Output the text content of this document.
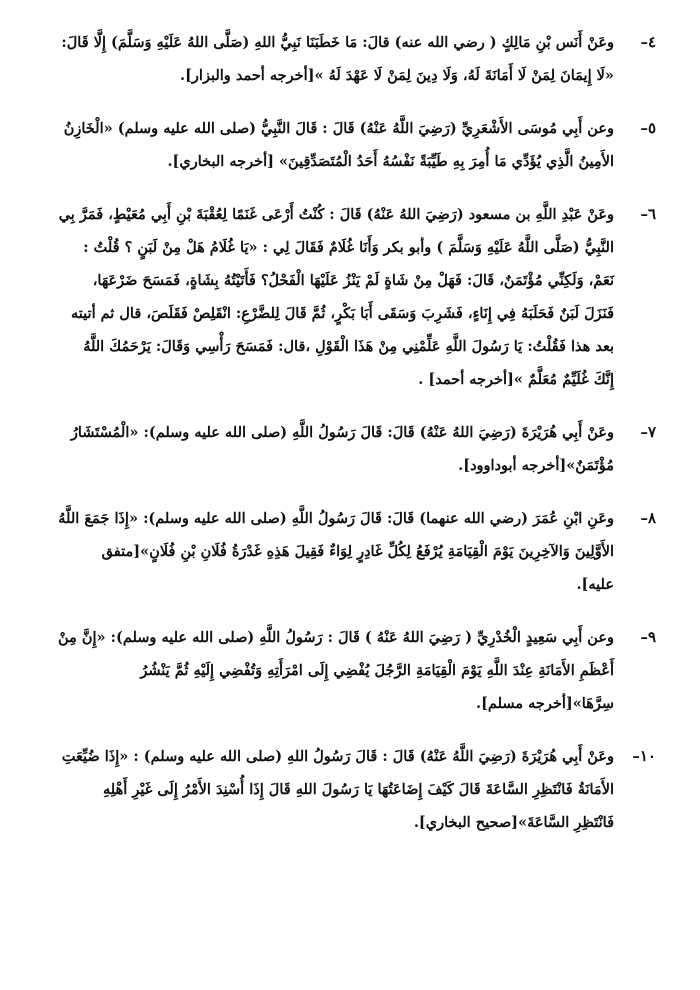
٤–

وعَنْ أَنَس بْنِ مَالِكٍ ( رضي الله عنه) قالَ: مَا خَطَبَنَا نَبِيُّ اللهِ (صَلَّى اللهُ عَلَيْهِ وَسَلَّمَ) إِلَّا قَالَ:

«لَا إِيمَانَ لِمَنْ لَا أَمَانَةَ لَهُ، وَلَا دِينَ لِمَنْ لَا عَهْدَ لَهُ »[أخرجه أحمد والبزار].

٥–

وعن أَبِي مُوسَى الأَشْعَرِيِّ (رَضِيَ اللَّهُ عَنْهُ) قَالَ : قَالَ النَّبِيُّ (صلى الله عليه وسلم) «الْخَازِنُ

الأَمِينُ الَّذِي يُؤَدِّي مَا أُمِرَ بِهِ طَيِّبَةً نَفْسُهُ أَحَدُ الْمُتَصَدِّقِينَ» [أخرجه البخاري].

٦–

وعَنْ عَبْدِ اللَّهِ بن مسعود (رَضِيَ اللهُ عَنْهُ) قَالَ : كُنْتُ أَرْعَى غَنَمًا لِعُقْبَةَ بْنِ أَبِي مُعَيْطٍ، فَمَرَّ بِي

النَّبِيُّ (صَلَّى اللَّهُ عَلَيْهِ وَسَلَّمَ ) وأبو بكر وَأَنَا غُلَامٌ فَقَالَ لِي : «يَا غُلَامُ هَلْ مِنْ لَبَنٍ ؟ قُلْتُ :

نَعَمْ، وَلَكِنِّي مُؤْتَمَنٌ، قَالَ: فَهَلْ مِنْ شَاةٍ لَمْ يَنْزُ عَلَيْهَا الْفَحْلُ؟ فَأَتَيْتُهُ بِشَاةٍ، فَمَسَحَ ضَرْعَهَا،

فَنَزَلَ لَبَنٌ فَحَلَبَهُ فِي إِنَاءٍ، فَشَرِبَ وَسَقَى أَبَا بَكْرٍ، ثُمَّ قَالَ لِلضَّرْعِ: انْقَلِصْ فَقَلَصَ، قال ثم أتيته

بعد هذا فَقُلْتُ: يَا رَسُولَ اللَّهِ عَلِّمْنِي مِنْ هَذَا الْقَوْلِ ،قال: فَمَسَحَ رَأْسِي وَقَالَ: يَرْحَمُكَ اللَّهُ

إِنَّكَ غُلَيِّمٌ مُعَلَّمٌ »[أخرجه أحمد] .

٧–

وعَنْ أَبِي هُرَيْرَةَ (رَضِيَ اللهُ عَنْهُ) قَالَ: قَالَ رَسُولُ اللَّهِ (صلى الله عليه وسلم): «الْمُسْتَشَارُ

مُؤْتَمَنٌ»[أخرجه أبوداوود].

٨–

وعَنِ ابْنِ عُمَرَ (رضي الله عنهما) قَالَ: قَالَ رَسُولُ اللَّهِ (صلى الله عليه وسلم): «إِذَا جَمَعَ اللَّهُ

الأَوَّلِينَ وَالآخِرِينَ يَوْمَ الْقِيَامَةِ يُرْفَعُ لِكُلِّ غَادِرٍ لِوَاءٌ فَقِيلَ هَذِهِ غَدْرَةُ فُلَانِ بْنِ فُلَانٍ»[متفق

عليه].

٩–

وعن أَبِي سَعِيدٍ الْخُدْرِيِّ ( رَضِيَ اللهُ عَنْهُ ) قَالَ : رَسُولُ اللَّهِ (صلى الله عليه وسلم): «إِنَّ مِنْ

أَعْظَمِ الأَمَانَةِ عِنْدَ اللَّهِ يَوْمَ الْقِيَامَةِ الرَّجُلَ يُفْضِي إِلَى امْرَأَتِهِ وَتُفْضِي إِلَيْهِ ثُمَّ يَنْشُرُ

سِرَّهَا»[أخرجه مسلم].

١٠–

وعَنْ أَبِي هُرَيْرَةَ (رَضِيَ اللَّهُ عَنْهُ) قَالَ : قَالَ رَسُولُ اللهِ (صلى الله عليه وسلم) : «إِذَا ضُيِّعَتِ

الأَمَانَةُ فَانْتَظِرِ السَّاعَةَ قَالَ كَيْفَ إِضَاعَتُهَا يَا رَسُولَ اللهِ قَالَ إِذَا أُسْنِدَ الأَمْرُ إِلَى غَيْرِ أَهْلِهِ

فَانْتَظِرِ السَّاعَةَ»[صحيح البخاري].
